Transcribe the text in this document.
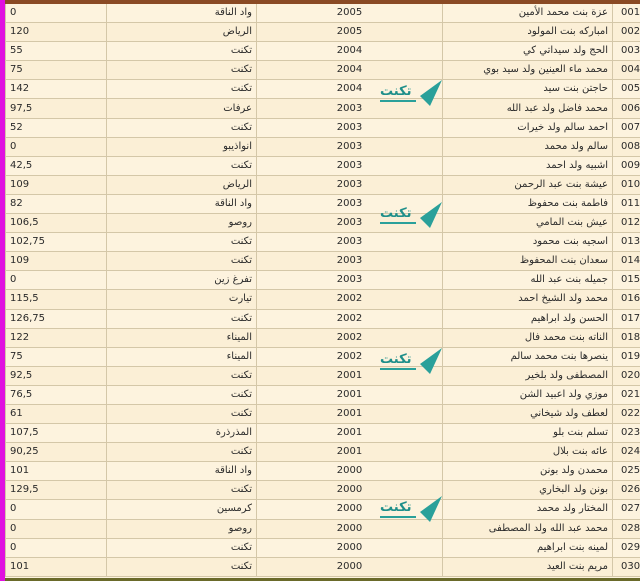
0	واد الناقة	2005	عزة بنت محمد الأمين	001
120	الرياض	2005	امباركه بنت المولود	002
55	تكنت	2004	الحج ولد سيداتي كي	003
75	تكنت	2004	محمد ماء العينين ولد سيد بوي	004
142	تكنت	2004	حاجتن بنت سيد	005
97,5	عرفات	2003	محمد فاضل ولد عبد الله	006
52	تكنت	2003	احمد سالم ولد خيرات	007
0	انواذيبو	2003	سالم ولد محمد	008
42,5	تكنت	2003	اشبيه ولد احمد	009
109	الرياض	2003	عيشة بنت عبد الرحمن	010
82	واد الناقة	2003	فاطمة بنت محفوظ	011
106,5	روصو	2003	عيش بنت المامي	012
102,75	تكنت	2003	اسجيه بنت محمود	013
109	تكنت	2003	سعدان بنت المحفوظ	014
0	تفرغ زين	2003	جميله بنت عبد الله	015
115,5	تيارت	2002	محمد ولد الشيخ احمد	016
126,75	تكنت	2002	الحسن ولد ابراهيم	017
122	الميناء	2002	الناته بنت محمد فال	018
75	الميناء	2002	ينصرها بنت محمد سالم	019
92,5	تكنت	2001	المصطفى ولد بلخير	020
76,5	تكنت	2001	موزي ولد اعبيد الشن	021
61	تكنت	2001	لعطف ولد شيخاني	022
107,5	المذرذرة	2001	تسلم بنت بلو	023
90,25	تكنت	2001	عائه بنت بلال	024
101	واد الناقة	2000	محمدن ولد بونن	025
129,5	تكنت	2000	بونن ولد البخاري	026
0	كرمسين	2000	المختار ولد محمد	027
0	روصو	2000	محمد عبد الله ولد المصطفى	028
0	تكنت	2000	لمينه بنت ابراهيم	029
101	تكنت	2000	مريم بنت العيد	030
تكنت
تكنت
تكنت
تكنت
